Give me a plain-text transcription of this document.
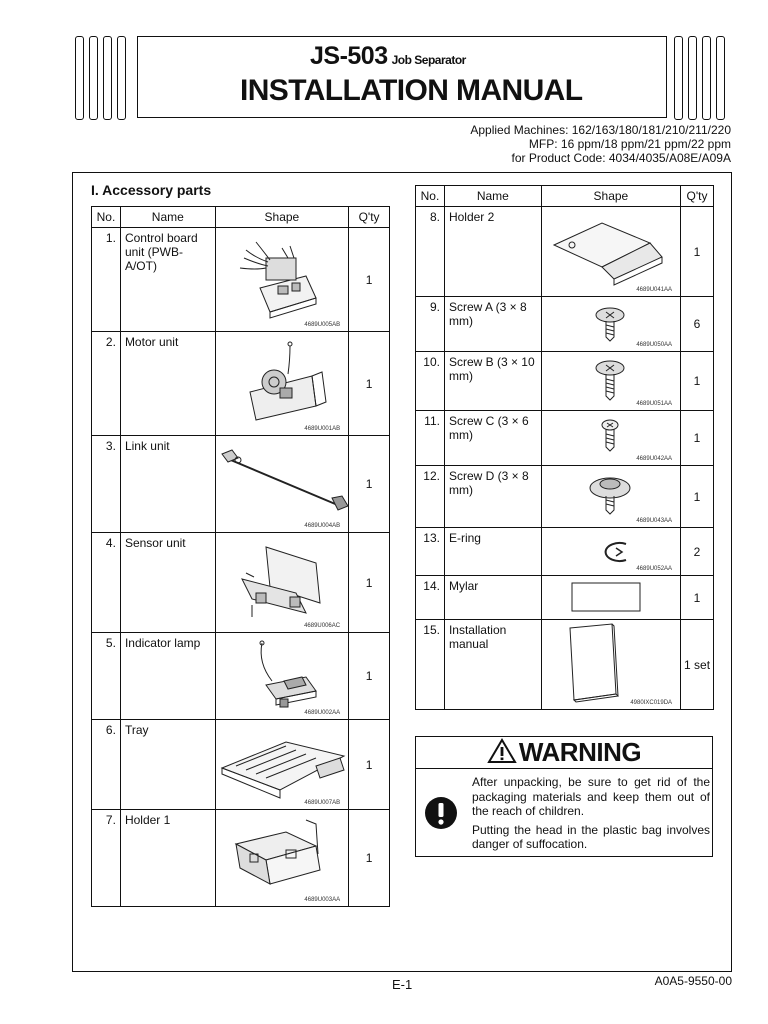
JS-503 Job Separator
INSTALLATION MANUAL
Applied Machines: 162/163/180/181/210/211/220
MFP: 16 ppm/18 ppm/21 ppm/22 ppm
for Product Code: 4034/4035/A08E/A09A
I. Accessory parts
No.	Name	Shape	Q'ty
1.	Control board unit (PWB-A/OT)	4689U005AB	1
2.	Motor unit	4689U001AB	1
3.	Link unit	4689U004AB	1
4.	Sensor unit	4689U006AC	1
5.	Indicator lamp	4689U002AA	1
6.	Tray	4689U007AB	1
7.	Holder 1	4689U003AA	1
No.	Name	Shape	Q'ty
8.	Holder 2	4689U041AA	1
9.	Screw A (3 × 8 mm)	4689U050AA	6
10.	Screw B (3 × 10 mm)	4689U051AA	1
11.	Screw C (3 × 6 mm)	4689U042AA	1
12.	Screw D (3 × 8 mm)	4689U043AA	1
13.	E-ring	4689U052AA	2
14.	Mylar		1
15.	Installation manual	4980IXC019DA	1 set
WARNING

After unpacking, be sure to get rid of the packaging materials and keep them out of the reach of children.

Putting the head in the plastic bag involves danger of suffocation.

E-1	A0A5-9550-00
